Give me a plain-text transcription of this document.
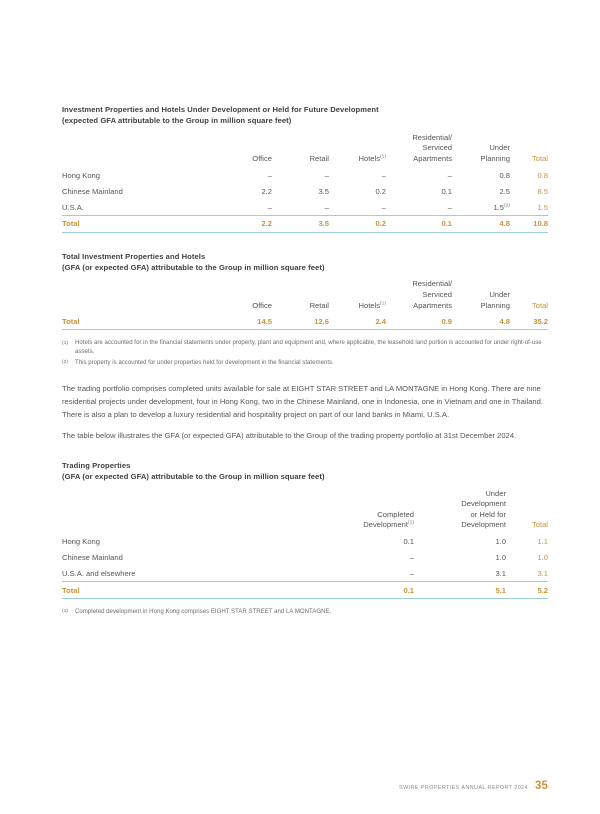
Investment Properties and Hotels Under Development or Held for Future Development
(expected GFA attributable to the Group in million square feet)
	Office	Retail	Hotels$^{(1)}$	Residential/
Serviced
Apartments	Under
Planning	Total
Hong Kong	–	–	–	–	0.8	0.8
Chinese Mainland	2.2	3.5	0.2	0.1	2.5	8.5
U.S.A.	–	–	–	–	1.5$^{(2)}$	1.5
Total	2.2	3.5	0.2	0.1	4.8	10.8
Total Investment Properties and Hotels
(GFA (or expected GFA) attributable to the Group in million square feet)
	Office	Retail	Hotels$^{(1)}$	Residential/
Serviced
Apartments	Under
Planning	Total
Total	14.5	12.6	2.4	0.9	4.8	35.2
(1)	Hotels are accounted for in the financial statements under property, plant and equipment and, where applicable, the leasehold land portion is accounted for under right-of-use assets.
(2)	This property is accounted for under properties held for development in the financial statements.

The trading portfolio comprises completed units available for sale at EIGHT STAR STREET and LA MONTAGNE in Hong Kong. There are nine residential projects under development, four in Hong Kong, two in the Chinese Mainland, one in Indonesia, one in Vietnam and one in Thailand. There is also a plan to develop a luxury residential and hospitality project on part of our land banks in Miami, U.S.A.

The table below illustrates the GFA (or expected GFA) attributable to the Group of the trading property portfolio at 31st December 2024.

Trading Properties
(GFA (or expected GFA) attributable to the Group in million square feet)
	Completed
Development$^{(1)}$	Under
Development
or Held for
Development	Total
Hong Kong	0.1	1.0	1.1
Chinese Mainland	–	1.0	1.0
U.S.A. and elsewhere	–	3.1	3.1
Total	0.1	5.1	5.2
(1)	Completed development in Hong Kong comprises EIGHT STAR STREET and LA MONTAGNE.
SWIRE PROPERTIES ANNUAL REPORT 2024 35
